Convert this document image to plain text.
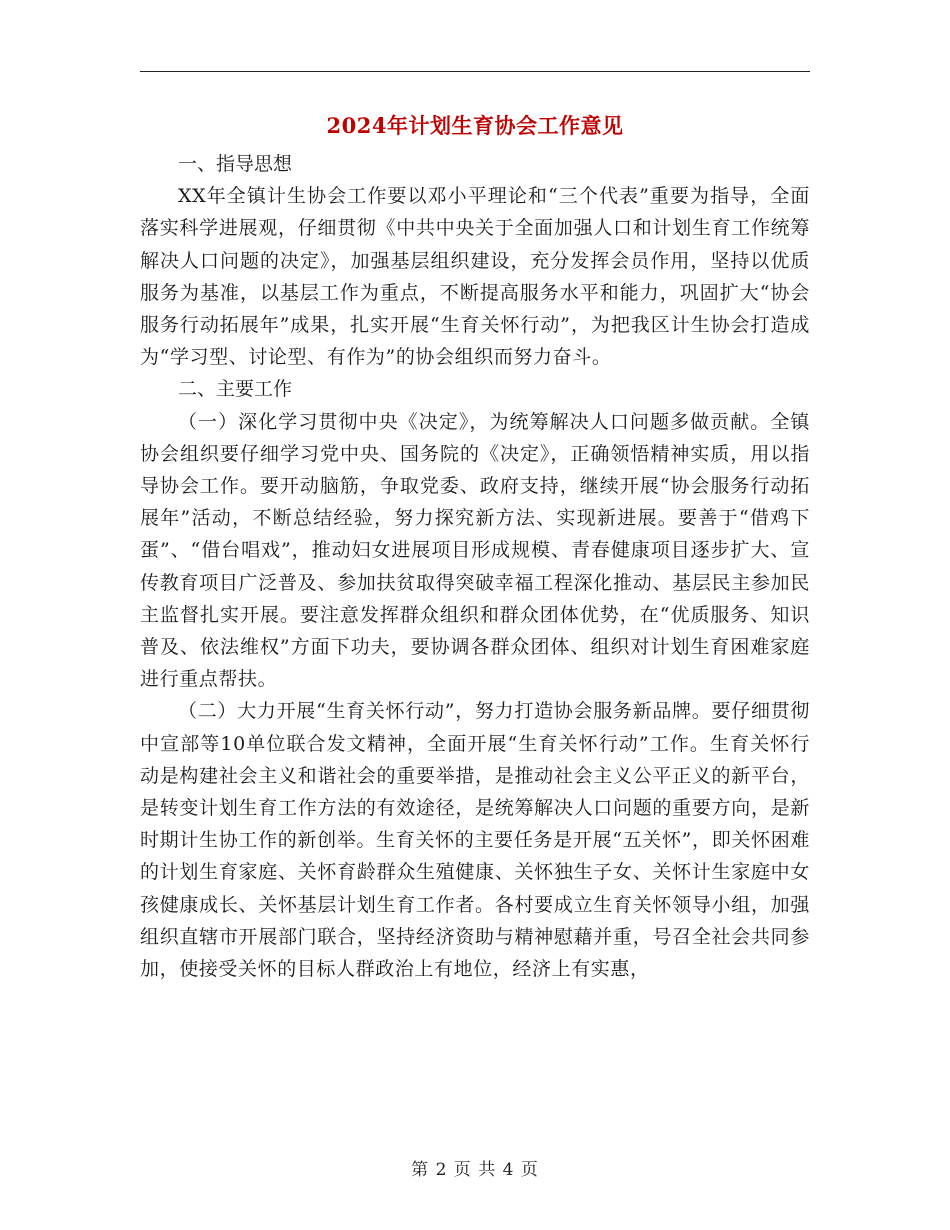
2024年计划生育协会工作意见

一、指导思想

XX年全镇计生协会工作要以邓小平理论和“三个代表”重要为指导，全面落实科学进展观，仔细贯彻《中共中央关于全面加强人口和计划生育工作统筹解决人口问题的决定》，加强基层组织建设，充分发挥会员作用，坚持以优质服务为基准，以基层工作为重点，不断提高服务水平和能力，巩固扩大“协会服务行动拓展年”成果，扎实开展“生育关怀行动”，为把我区计生协会打造成为“学习型、讨论型、有作为”的协会组织而努力奋斗。

二、主要工作

（一）深化学习贯彻中央《决定》，为统筹解决人口问题多做贡献。全镇协会组织要仔细学习党中央、国务院的《决定》，正确领悟精神实质，用以指导协会工作。要开动脑筋，争取党委、政府支持，继续开展“协会服务行动拓展年”活动，不断总结经验，努力探究新方法、实现新进展。要善于“借鸡下蛋”、“借台唱戏”，推动妇女进展项目形成规模、青春健康项目逐步扩大、宣传教育项目广泛普及、参加扶贫取得突破幸福工程深化推动、基层民主参加民主监督扎实开展。要注意发挥群众组织和群众团体优势，在“优质服务、知识普及、依法维权”方面下功夫，要协调各群众团体、组织对计划生育困难家庭进行重点帮扶。

（二）大力开展“生育关怀行动”，努力打造协会服务新品牌。要仔细贯彻中宣部等10单位联合发文精神，全面开展“生育关怀行动”工作。生育关怀行动是构建社会主义和谐社会的重要举措，是推动社会主义公平正义的新平台，是转变计划生育工作方法的有效途径，是统筹解决人口问题的重要方向，是新时期计生协工作的新创举。生育关怀的主要任务是开展“五关怀”，即关怀困难的计划生育家庭、关怀育龄群众生殖健康、关怀独生子女、关怀计生家庭中女孩健康成长、关怀基层计划生育工作者。各村要成立生育关怀领导小组，加强组织直辖市开展部门联合，坚持经济资助与精神慰藉并重，号召全社会共同参加，使接受关怀的目标人群政治上有地位，经济上有实惠，

第 2 页 共 4 页
